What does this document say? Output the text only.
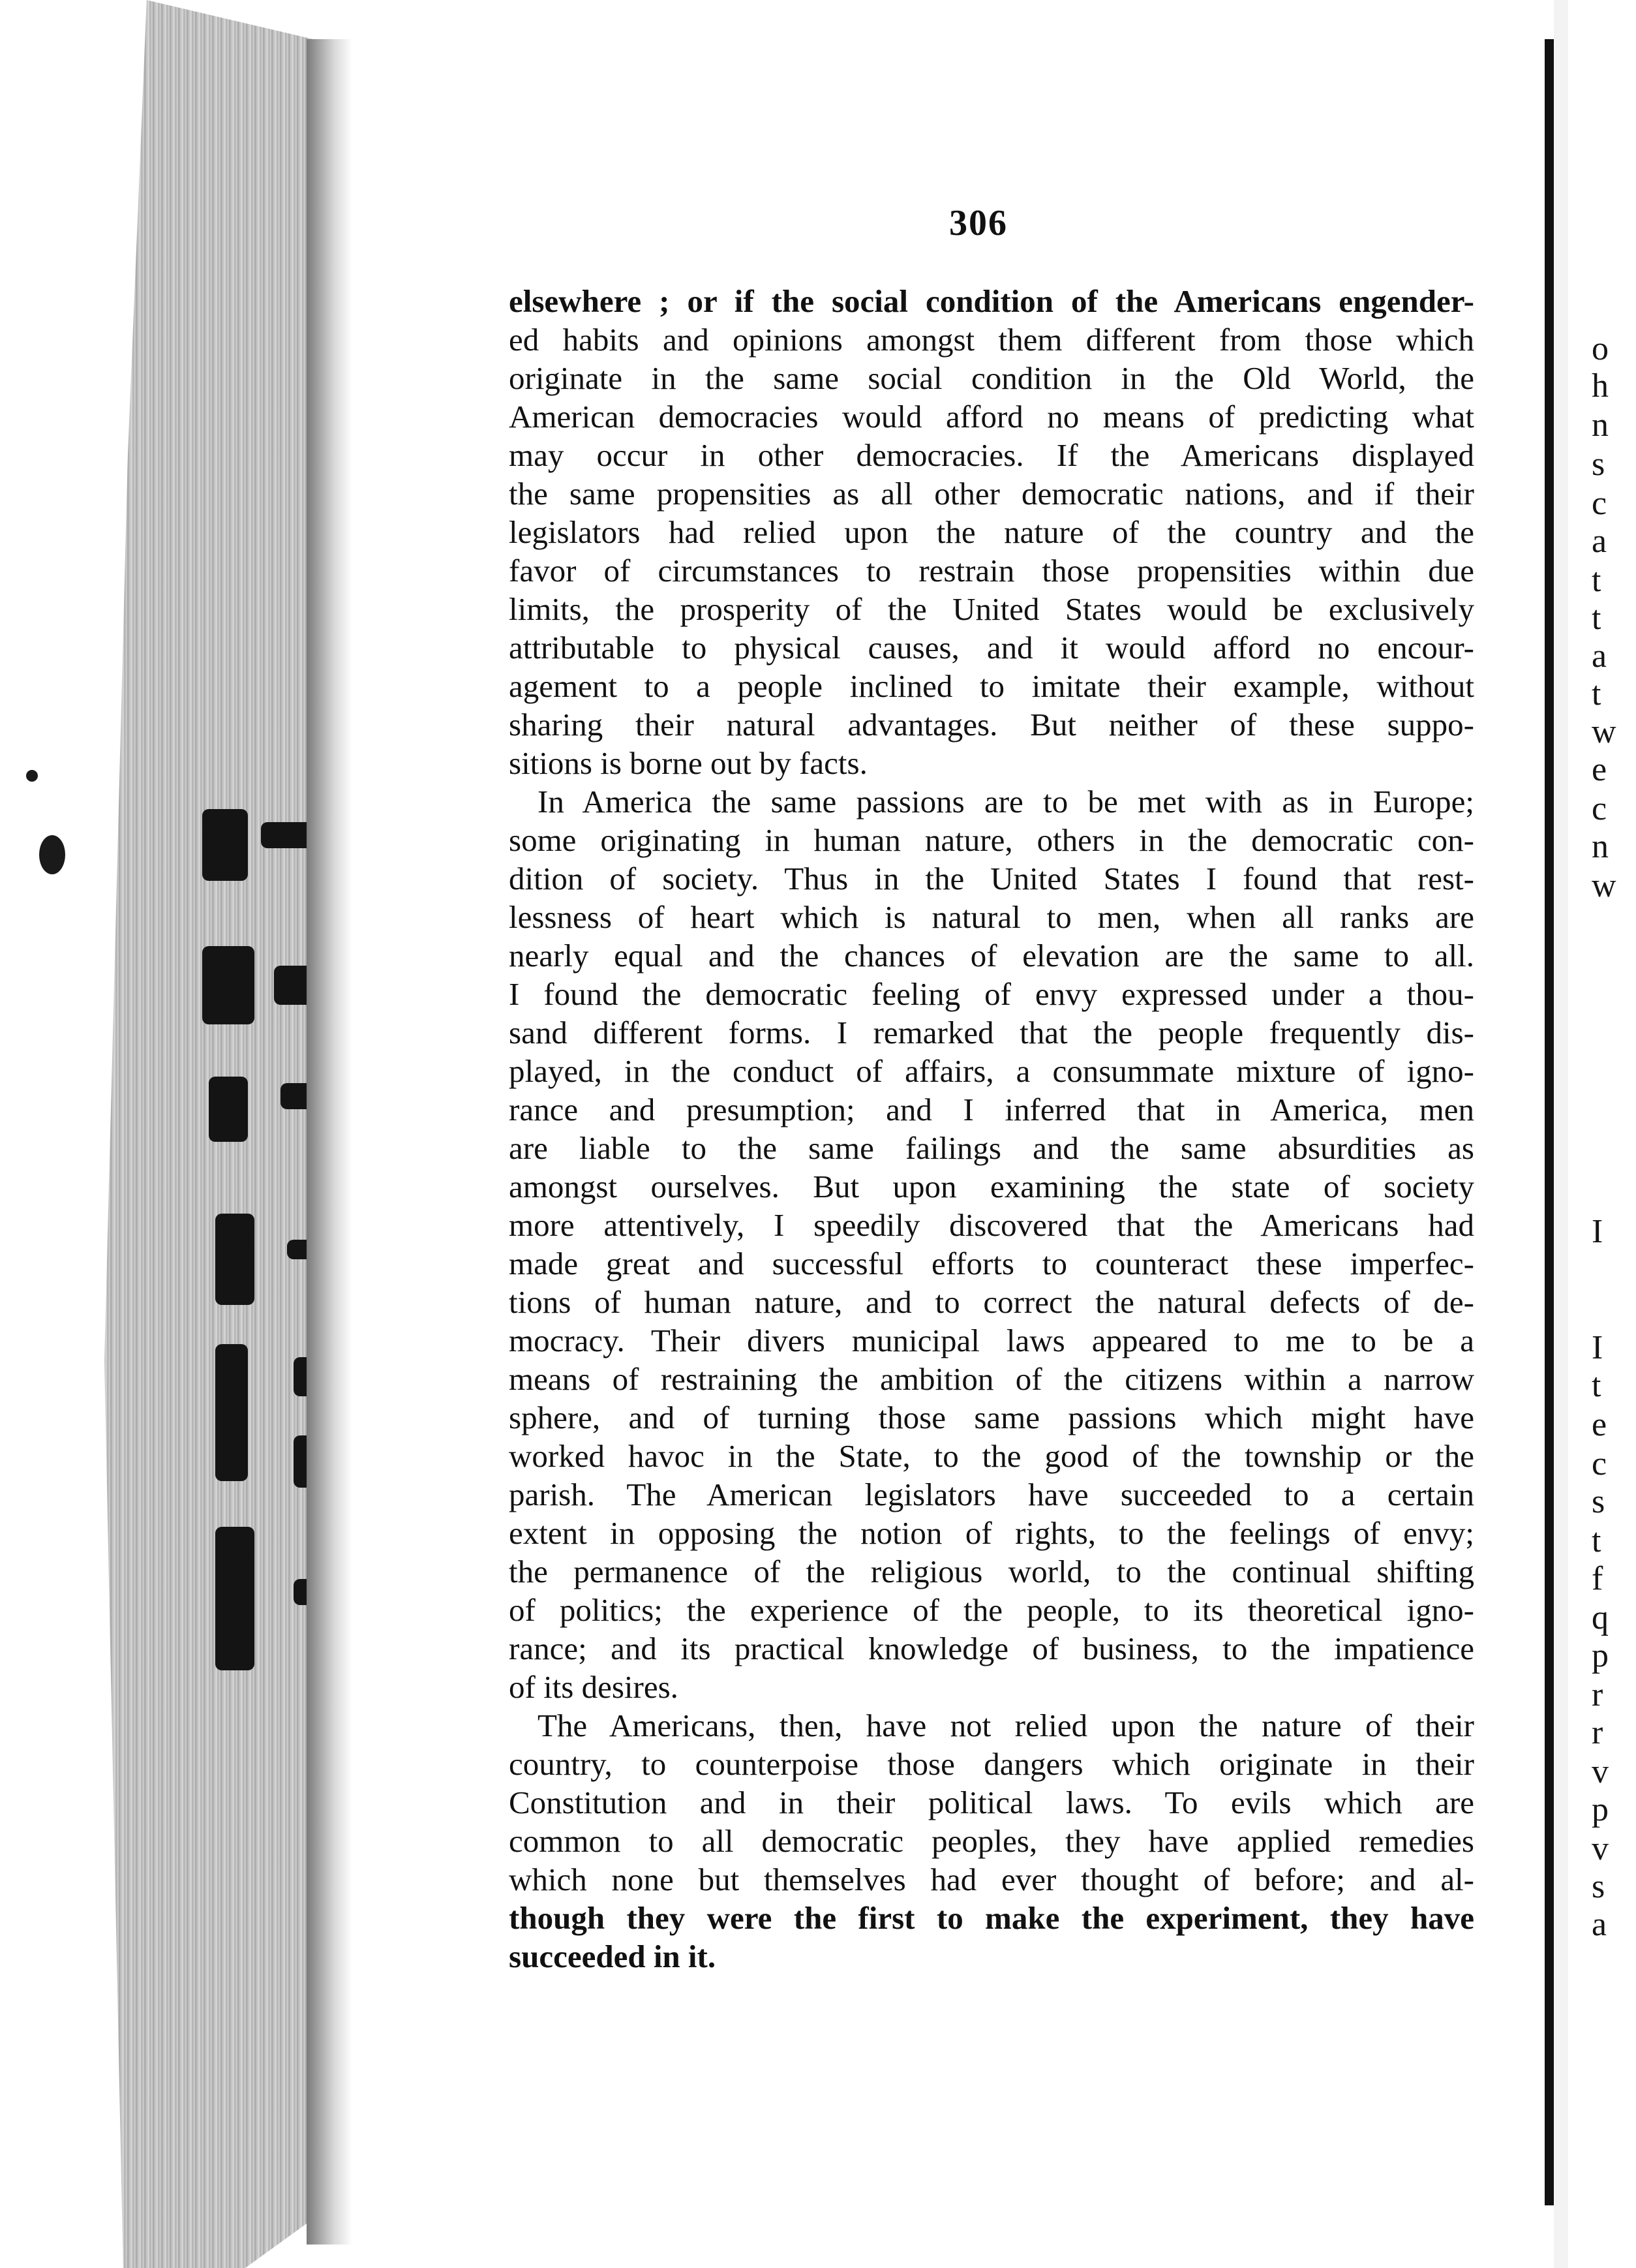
o
h
n
s
c
a
t
t
a
t
w
e
c
n
w
I
I
t
e
c
s
t
f
q
p
r
r
v
p
v
s
a
306
elsewhere ; or if the social condition of the Americans engender-
ed habits and opinions amongst them different from those which
originate in the same social condition in the Old World, the
American democracies would afford no means of predicting what
may occur in other democracies. If the Americans displayed
the same propensities as all other democratic nations, and if their
legislators had relied upon the nature of the country and the
favor of circumstances to restrain those propensities within due
limits, the prosperity of the United States would be exclusively
attributable to physical causes, and it would afford no encour-
agement to a people inclined to imitate their example, without
sharing their natural advantages. But neither of these suppo-
sitions is borne out by facts.
In America the same passions are to be met with as in Europe;
some originating in human nature, others in the democratic con-
dition of society. Thus in the United States I found that rest-
lessness of heart which is natural to men, when all ranks are
nearly equal and the chances of elevation are the same to all.
I found the democratic feeling of envy expressed under a thou-
sand different forms. I remarked that the people frequently dis-
played, in the conduct of affairs, a consummate mixture of igno-
rance and presumption; and I inferred that in America, men
are liable to the same failings and the same absurdities as
amongst ourselves. But upon examining the state of society
more attentively, I speedily discovered that the Americans had
made great and successful efforts to counteract these imperfec-
tions of human nature, and to correct the natural defects of de-
mocracy. Their divers municipal laws appeared to me to be a
means of restraining the ambition of the citizens within a narrow
sphere, and of turning those same passions which might have
worked havoc in the State, to the good of the township or the
parish. The American legislators have succeeded to a certain
extent in opposing the notion of rights, to the feelings of envy;
the permanence of the religious world, to the continual shifting
of politics; the experience of the people, to its theoretical igno-
rance; and its practical knowledge of business, to the impatience
of its desires.
The Americans, then, have not relied upon the nature of their
country, to counterpoise those dangers which originate in their
Constitution and in their political laws. To evils which are
common to all democratic peoples, they have applied remedies
which none but themselves had ever thought of before; and al-
though they were the first to make the experiment, they have
succeeded in it.
